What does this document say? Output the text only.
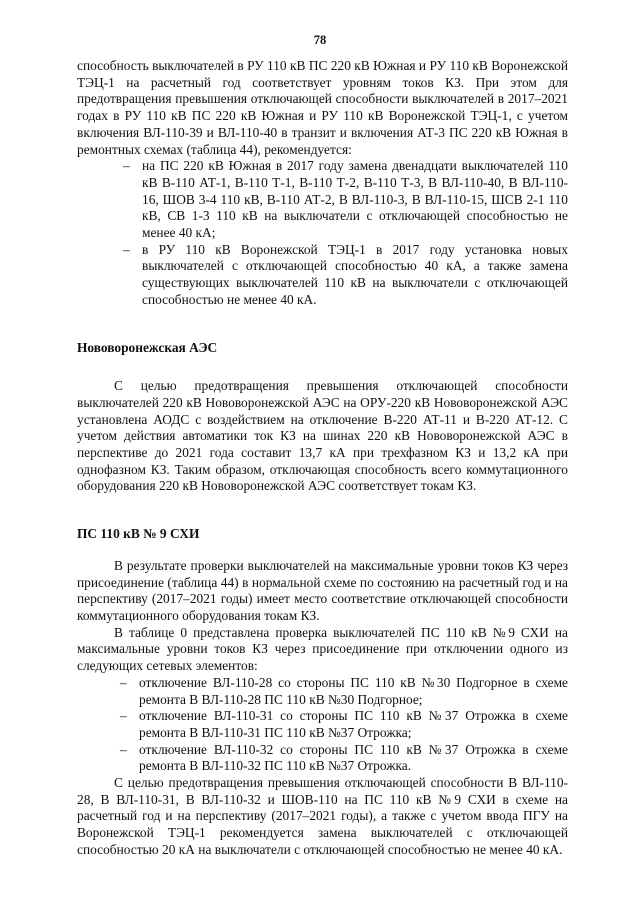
78

способность выключателей в РУ 110 кВ ПС 220 кВ Южная и РУ 110 кВ Воронежской ТЭЦ-1 на расчетный год соответствует уровням токов КЗ. При этом для предотвращения превышения отключающей способности выключателей в 2017–2021 годах в РУ 110 кВ ПС 220 кВ Южная и РУ 110 кВ Воронежской ТЭЦ-1, с учетом включения ВЛ-110-39 и ВЛ-110-40 в транзит и включения АТ-3 ПС 220 кВ Южная в ремонтных схемах (таблица 44), рекомендуется:

– на ПС 220 кВ Южная в 2017 году замена двенадцати выключателей 110 кВ В-110 АТ-1, В-110 Т-1, В-110 Т-2, В-110 Т-3, В ВЛ-110-40, В ВЛ-110-16, ШОВ 3-4 110 кВ, В-110 АТ-2, В ВЛ-110-3, В ВЛ-110-15, ШСВ 2-1 110 кВ, СВ 1-3 110 кВ на выключатели с отключающей способностью не менее 40 кА;
– в РУ 110 кВ Воронежской ТЭЦ-1 в 2017 году установка новых выключателей с отключающей способностью 40 кА, а также замена существующих выключателей 110 кВ на выключатели с отключающей способностью не менее 40 кА.
Нововоронежская АЭС

С целью предотвращения превышения отключающей способности выключателей 220 кВ Нововоронежской АЭС на ОРУ-220 кВ Нововоронежской АЭС установлена АОДС с воздействием на отключение В-220 АТ-11 и В-220 АТ-12. С учетом действия автоматики ток КЗ на шинах 220 кВ Нововоронежской АЭС в перспективе до 2021 года составит 13,7 кА при трехфазном КЗ и 13,2 кА при однофазном КЗ. Таким образом, отключающая способность всего коммутационного оборудования 220 кВ Нововоронежской АЭС соответствует токам КЗ.

ПС 110 кВ № 9 СХИ

В результате проверки выключателей на максимальные уровни токов КЗ через присоединение (таблица 44) в нормальной схеме по состоянию на расчетный год и на перспективу (2017–2021 годы) имеет место соответствие отключающей способности коммутационного оборудования токам КЗ.

В таблице 0 представлена проверка выключателей ПС 110 кВ №9 СХИ на максимальные уровни токов КЗ через присоединение при отключении одного из следующих сетевых элементов:

– отключение ВЛ-110-28 со стороны ПС 110 кВ №30 Подгорное в схеме ремонта В ВЛ-110-28 ПС 110 кВ №30 Подгорное;
– отключение ВЛ-110-31 со стороны ПС 110 кВ №37 Отрожка в схеме ремонта В ВЛ-110-31 ПС 110 кВ №37 Отрожка;
– отключение ВЛ-110-32 со стороны ПС 110 кВ №37 Отрожка в схеме ремонта В ВЛ-110-32 ПС 110 кВ №37 Отрожка.

С целью предотвращения превышения отключающей способности В ВЛ-110-28, В ВЛ-110-31, В ВЛ-110-32 и ШОВ-110 на ПС 110 кВ №9 СХИ в схеме на расчетный год и на перспективу (2017–2021 годы), а также с учетом ввода ПГУ на Воронежской ТЭЦ-1 рекомендуется замена выключателей с отключающей способностью 20 кА на выключатели с отключающей способностью не менее 40 кА.
